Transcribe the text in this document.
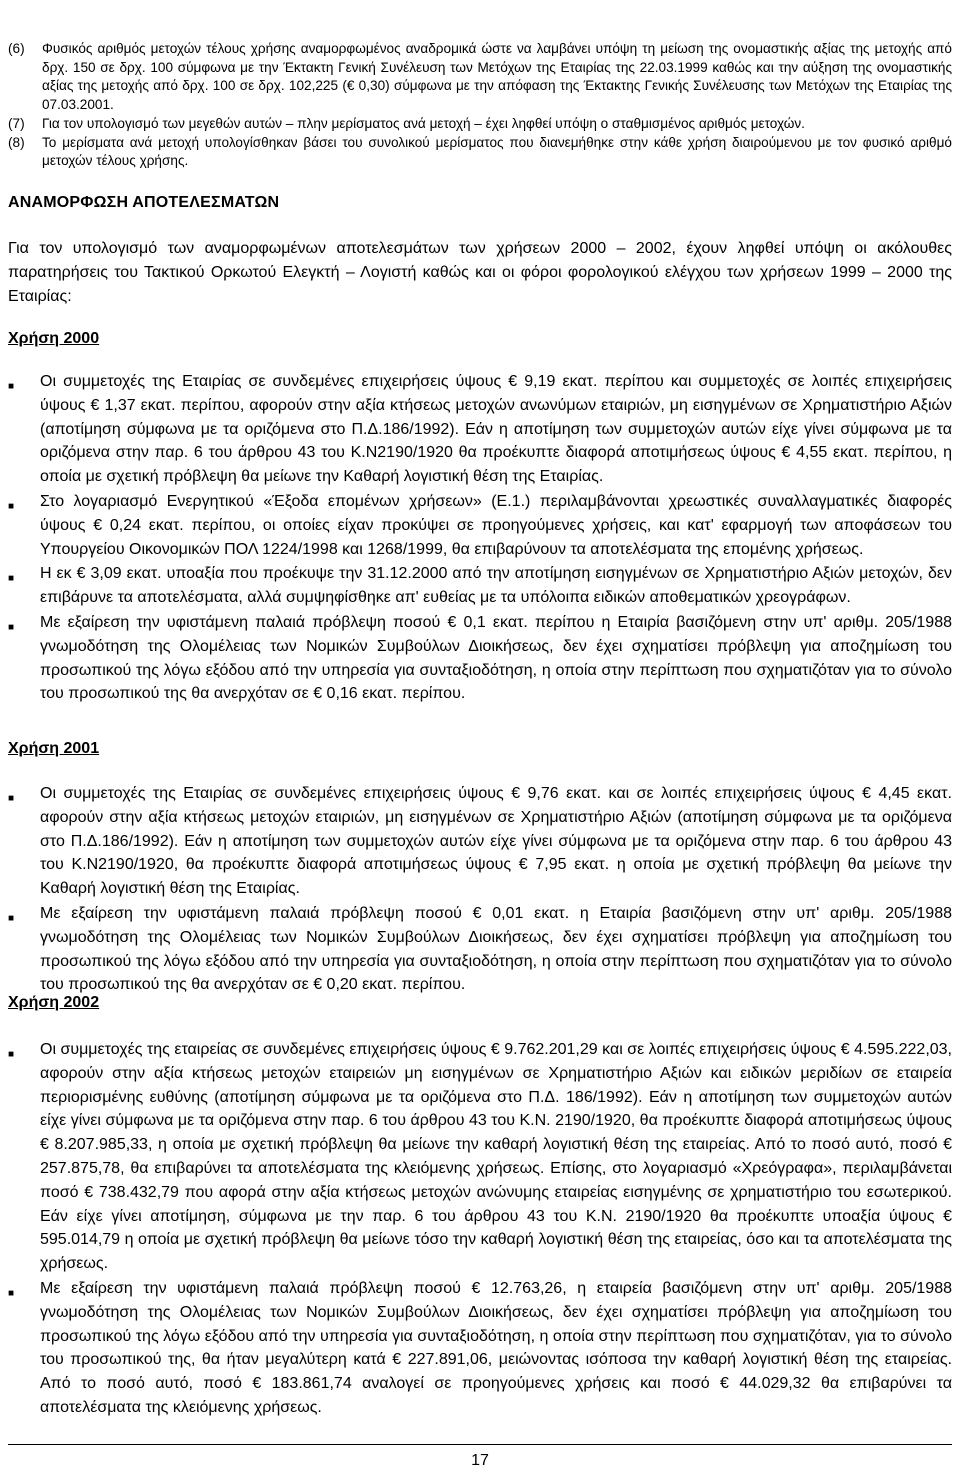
(6)	Φυσικός αριθμός μετοχών τέλους χρήσης αναμορφωμένος αναδρομικά ώστε να λαμβάνει υπόψη τη μείωση της ονομαστικής αξίας της μετοχής από δρχ. 150 σε δρχ. 100 σύμφωνα με την Έκτακτη Γενική Συνέλευση των Μετόχων της Εταιρίας της 22.03.1999 καθώς και την αύξηση της ονομαστικής αξίας της μετοχής από δρχ. 100 σε δρχ. 102,225 (€ 0,30) σύμφωνα με την απόφαση της Έκτακτης Γενικής Συνέλευσης των Μετόχων της Εταιρίας της 07.03.2001.

(7)	Για τον υπολογισμό των μεγεθών αυτών – πλην μερίσματος ανά μετοχή – έχει ληφθεί υπόψη ο σταθμισμένος αριθμός μετοχών.

(8)	Το μερίσματα ανά μετοχή υπολογίσθηκαν βάσει του συνολικού μερίσματος που διανεμήθηκε στην κάθε χρήση διαιρούμενου με τον φυσικό αριθμό μετοχών τέλους χρήσης.

ΑΝΑΜΟΡΦΩΣΗ ΑΠΟΤΕΛΕΣΜΑΤΩΝ
Για τον υπολογισμό των αναμορφωμένων αποτελεσμάτων των χρήσεων 2000 – 2002, έχουν ληφθεί υπόψη οι ακόλουθες παρατηρήσεις του Τακτικού Ορκωτού Ελεγκτή – Λογιστή καθώς και οι φόροι φορολογικού ελέγχου των χρήσεων 1999 – 2000 της Εταιρίας:
Χρήση 2000
■	Οι συμμετοχές της Εταιρίας σε συνδεμένες επιχειρήσεις ύψους € 9,19 εκατ. περίπου και συμμετοχές σε λοιπές επιχειρήσεις ύψους € 1,37 εκατ. περίπου, αφορούν στην αξία κτήσεως μετοχών ανωνύμων εταιριών, μη εισηγμένων σε Χρηματιστήριο Αξιών (αποτίμηση σύμφωνα με τα οριζόμενα στο Π.Δ.186/1992). Εάν η αποτίμηση των συμμετοχών αυτών είχε γίνει σύμφωνα με τα οριζόμενα στην παρ. 6 του άρθρου 43 του Κ.Ν2190/1920 θα προέκυπτε διαφορά αποτιμήσεως ύψους € 4,55 εκατ. περίπου, η οποία με σχετική πρόβλεψη θα μείωνε την Καθαρή λογιστική θέση της Εταιρίας.
■	Στο λογαριασμό Ενεργητικού «Έξοδα επομένων χρήσεων» (Ε.1.) περιλαμβάνονται χρεωστικές συναλλαγματικές διαφορές ύψους € 0,24 εκατ. περίπου, οι οποίες είχαν προκύψει σε προηγούμενες χρήσεις, και κατ' εφαρμογή των αποφάσεων του Υπουργείου Οικονομικών ΠΟΛ 1224/1998 και 1268/1999, θα επιβαρύνουν τα αποτελέσματα της επομένης χρήσεως.
■	Η εκ € 3,09 εκατ. υποαξία που προέκυψε την 31.12.2000 από την αποτίμηση εισηγμένων σε Χρηματιστήριο Αξιών μετοχών, δεν επιβάρυνε τα αποτελέσματα, αλλά συμψηφίσθηκε απ' ευθείας με τα υπόλοιπα ειδικών αποθεματικών χρεογράφων.
■	Με εξαίρεση την υφιστάμενη παλαιά πρόβλεψη ποσού € 0,1 εκατ. περίπου η Εταιρία βασιζόμενη στην υπ' αριθμ. 205/1988 γνωμοδότηση της Ολομέλειας των Νομικών Συμβούλων Διοικήσεως, δεν έχει σχηματίσει πρόβλεψη για αποζημίωση του προσωπικού της λόγω εξόδου από την υπηρεσία για συνταξιοδότηση, η οποία στην περίπτωση που σχηματιζόταν για το σύνολο του προσωπικού της θα ανερχόταν σε € 0,16 εκατ. περίπου.
Χρήση 2001
■	Οι συμμετοχές της Εταιρίας σε συνδεμένες επιχειρήσεις ύψους € 9,76 εκατ. και σε λοιπές επιχειρήσεις ύψους € 4,45 εκατ. αφορούν στην αξία κτήσεως μετοχών εταιριών, μη εισηγμένων σε Χρηματιστήριο Αξιών (αποτίμηση σύμφωνα με τα οριζόμενα στο Π.Δ.186/1992). Εάν η αποτίμηση των συμμετοχών αυτών είχε γίνει σύμφωνα με τα οριζόμενα στην παρ. 6 του άρθρου 43 του Κ.Ν2190/1920, θα προέκυπτε διαφορά αποτιμήσεως ύψους € 7,95 εκατ. η οποία με σχετική πρόβλεψη θα μείωνε την Καθαρή λογιστική θέση της Εταιρίας.
■	Με εξαίρεση την υφιστάμενη παλαιά πρόβλεψη ποσού € 0,01 εκατ. η Εταιρία βασιζόμενη στην υπ' αριθμ. 205/1988 γνωμοδότηση της Ολομέλειας των Νομικών Συμβούλων Διοικήσεως, δεν έχει σχηματίσει πρόβλεψη για αποζημίωση του προσωπικού της λόγω εξόδου από την υπηρεσία για συνταξιοδότηση, η οποία στην περίπτωση που σχηματιζόταν για το σύνολο του προσωπικού της θα ανερχόταν σε € 0,20 εκατ. περίπου.
Χρήση 2002
■	Οι συμμετοχές της εταιρείας σε συνδεμένες επιχειρήσεις ύψους € 9.762.201,29 και σε λοιπές επιχειρήσεις ύψους € 4.595.222,03, αφορούν στην αξία κτήσεως μετοχών εταιρειών μη εισηγμένων σε Χρηματιστήριο Αξιών και ειδικών μεριδίων σε εταιρεία περιορισμένης ευθύνης (αποτίμηση σύμφωνα με τα οριζόμενα στο Π.Δ. 186/1992). Εάν η αποτίμηση των συμμετοχών αυτών είχε γίνει σύμφωνα με τα οριζόμενα στην παρ. 6 του άρθρου 43 του Κ.Ν. 2190/1920, θα προέκυπτε διαφορά αποτιμήσεως ύψους € 8.207.985,33, η οποία με σχετική πρόβλεψη θα μείωνε την καθαρή λογιστική θέση της εταιρείας. Από το ποσό αυτό, ποσό € 257.875,78, θα επιβαρύνει τα αποτελέσματα της κλειόμενης χρήσεως. Επίσης, στο λογαριασμό «Χρεόγραφα», περιλαμβάνεται ποσό € 738.432,79 που αφορά στην αξία κτήσεως μετοχών ανώνυμης εταιρείας εισηγμένης σε χρηματιστήριο του εσωτερικού. Εάν είχε γίνει αποτίμηση, σύμφωνα με την παρ. 6 του άρθρου 43 του Κ.Ν. 2190/1920 θα προέκυπτε υποαξία ύψους € 595.014,79 η οποία με σχετική πρόβλεψη θα μείωνε τόσο την καθαρή λογιστική θέση της εταιρείας, όσο και τα αποτελέσματα της χρήσεως.
■	Με εξαίρεση την υφιστάμενη παλαιά πρόβλεψη ποσού € 12.763,26, η εταιρεία βασιζόμενη στην υπ' αριθμ. 205/1988 γνωμοδότηση της Ολομέλειας των Νομικών Συμβούλων Διοικήσεως, δεν έχει σχηματίσει πρόβλεψη για αποζημίωση του προσωπικού της λόγω εξόδου από την υπηρεσία για συνταξιοδότηση, η οποία στην περίπτωση που σχηματιζόταν, για το σύνολο του προσωπικού της, θα ήταν μεγαλύτερη κατά € 227.891,06, μειώνοντας ισόποσα την καθαρή λογιστική θέση της εταιρείας. Από το ποσό αυτό, ποσό € 183.861,74 αναλογεί σε προηγούμενες χρήσεις και ποσό € 44.029,32 θα επιβαρύνει τα αποτελέσματα της κλειόμενης χρήσεως.
17
